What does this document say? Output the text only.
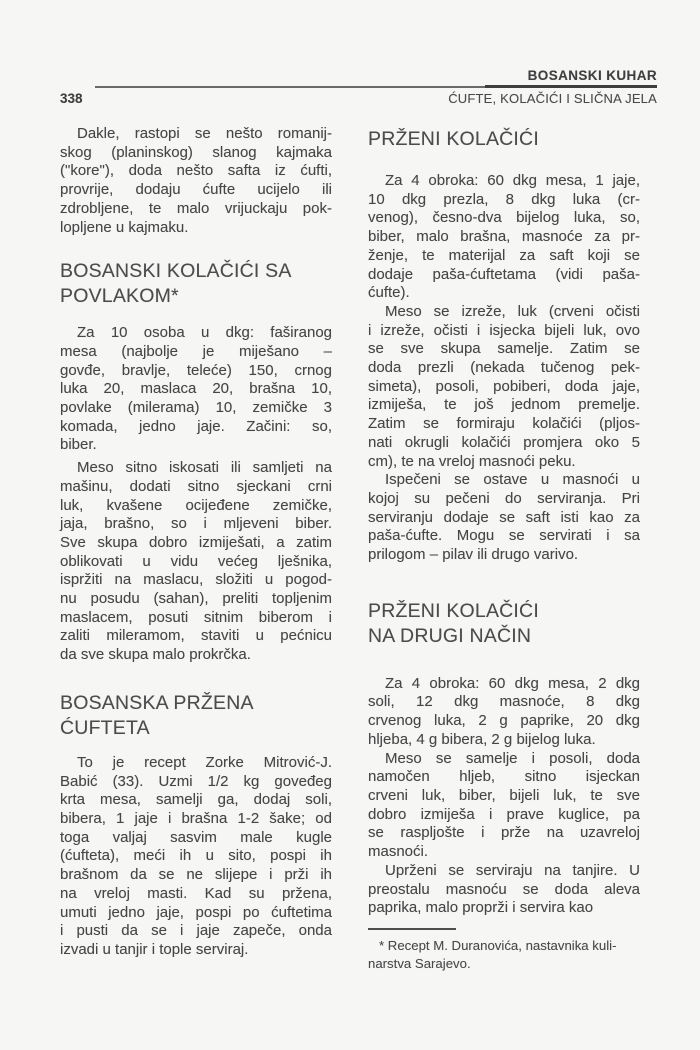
BOSANSKI KUHAR
338	ĆUFTE, KOLAČIĆI I SLIČNA JELA
Dakle, rastopi se nešto romanij-
skog (planinskog) slanog kajmaka
("kore"), doda nešto safta iz ćufti,
provrije, dodaju ćufte ucijelo ili
zdrobljene, te malo vrijuckaju pok-
lopljene u kajmaku.
BOSANSKI KOLAČIĆI SA
POVLAKOM*
Za 10 osoba u dkg: faširanog
mesa (najbolje je miješano –
govđe, bravlje, teleće) 150, crnog
luka 20, maslaca 20, brašna 10,
povlake (milerama) 10, zemičke 3
komada, jedno jaje. Začini: so,
biber.
Meso sitno iskosati ili samljeti na
mašinu, dodati sitno sjeckani crni
luk, kvašene ocijeđene zemičke,
jaja, brašno, so i mljeveni biber.
Sve skupa dobro izmiješati, a zatim
oblikovati u vidu većeg lješnika,
ispržiti na maslacu, složiti u pogod-
nu posudu (sahan), preliti topljenim
maslacem, posuti sitnim biberom i
zaliti mileramom, staviti u pećnicu
da sve skupa malo prokrčka.
BOSANSKA PRŽENA
ĆUFTETA
To je recept Zorke Mitrović-J.
Babić (33). Uzmi 1/2 kg goveđeg
krta mesa, samelji ga, dodaj soli,
bibera, 1 jaje i brašna 1-2 šake; od
toga valjaj sasvim male kugle
(ćufteta), meći ih u sito, pospi ih
brašnom da se ne slijepe i prži ih
na vreloj masti. Kad su pržena,
umuti jedno jaje, pospi po ćuftetima
i pusti da se i jaje zapeče, onda
izvadi u tanjir i tople serviraj.
PRŽENI KOLAČIĆI
Za 4 obroka: 60 dkg mesa, 1 jaje,
10 dkg prezla, 8 dkg luka (cr-
venog), česno-dva bijelog luka, so,
biber, malo brašna, masnoće za pr-
ženje, te materijal za saft koji se
dodaje paša-ćuftetama (vidi paša-
ćufte).
Meso se izreže, luk (crveni očisti
i izreže, očisti i isjecka bijeli luk, ovo
se sve skupa samelje. Zatim se
doda prezli (nekada tučenog pek-
simeta), posoli, pobiberi, doda jaje,
izmiješa, te još jednom premelje.
Zatim se formiraju kolačići (pljos-
nati okrugli kolačići promjera oko 5
cm), te na vreloj masnoći peku.
Ispečeni se ostave u masnoći u
kojoj su pečeni do serviranja. Pri
serviranju dodaje se saft isti kao za
paša-ćufte. Mogu se servirati i sa
prilogom – pilav ili drugo varivo.
PRŽENI KOLAČIĆI
NA DRUGI NAČIN
Za 4 obroka: 60 dkg mesa, 2 dkg
soli, 12 dkg masnoće, 8 dkg
crvenog luka, 2 g paprike, 20 dkg
hljeba, 4 g bibera, 2 g bijelog luka.
Meso se samelje i posoli, doda
namočen hljeb, sitno isjeckan
crveni luk, biber, bijeli luk, te sve
dobro izmiješa i prave kuglice, pa
se raspljošte i prže na uzavreloj
masnoći.
Uprženi se serviraju na tanjire. U
preostalu masnoću se doda aleva
paprika, malo proprži i servira kao
* Recept M. Duranovića, nastavnika kuli-
narstva Sarajevo.
